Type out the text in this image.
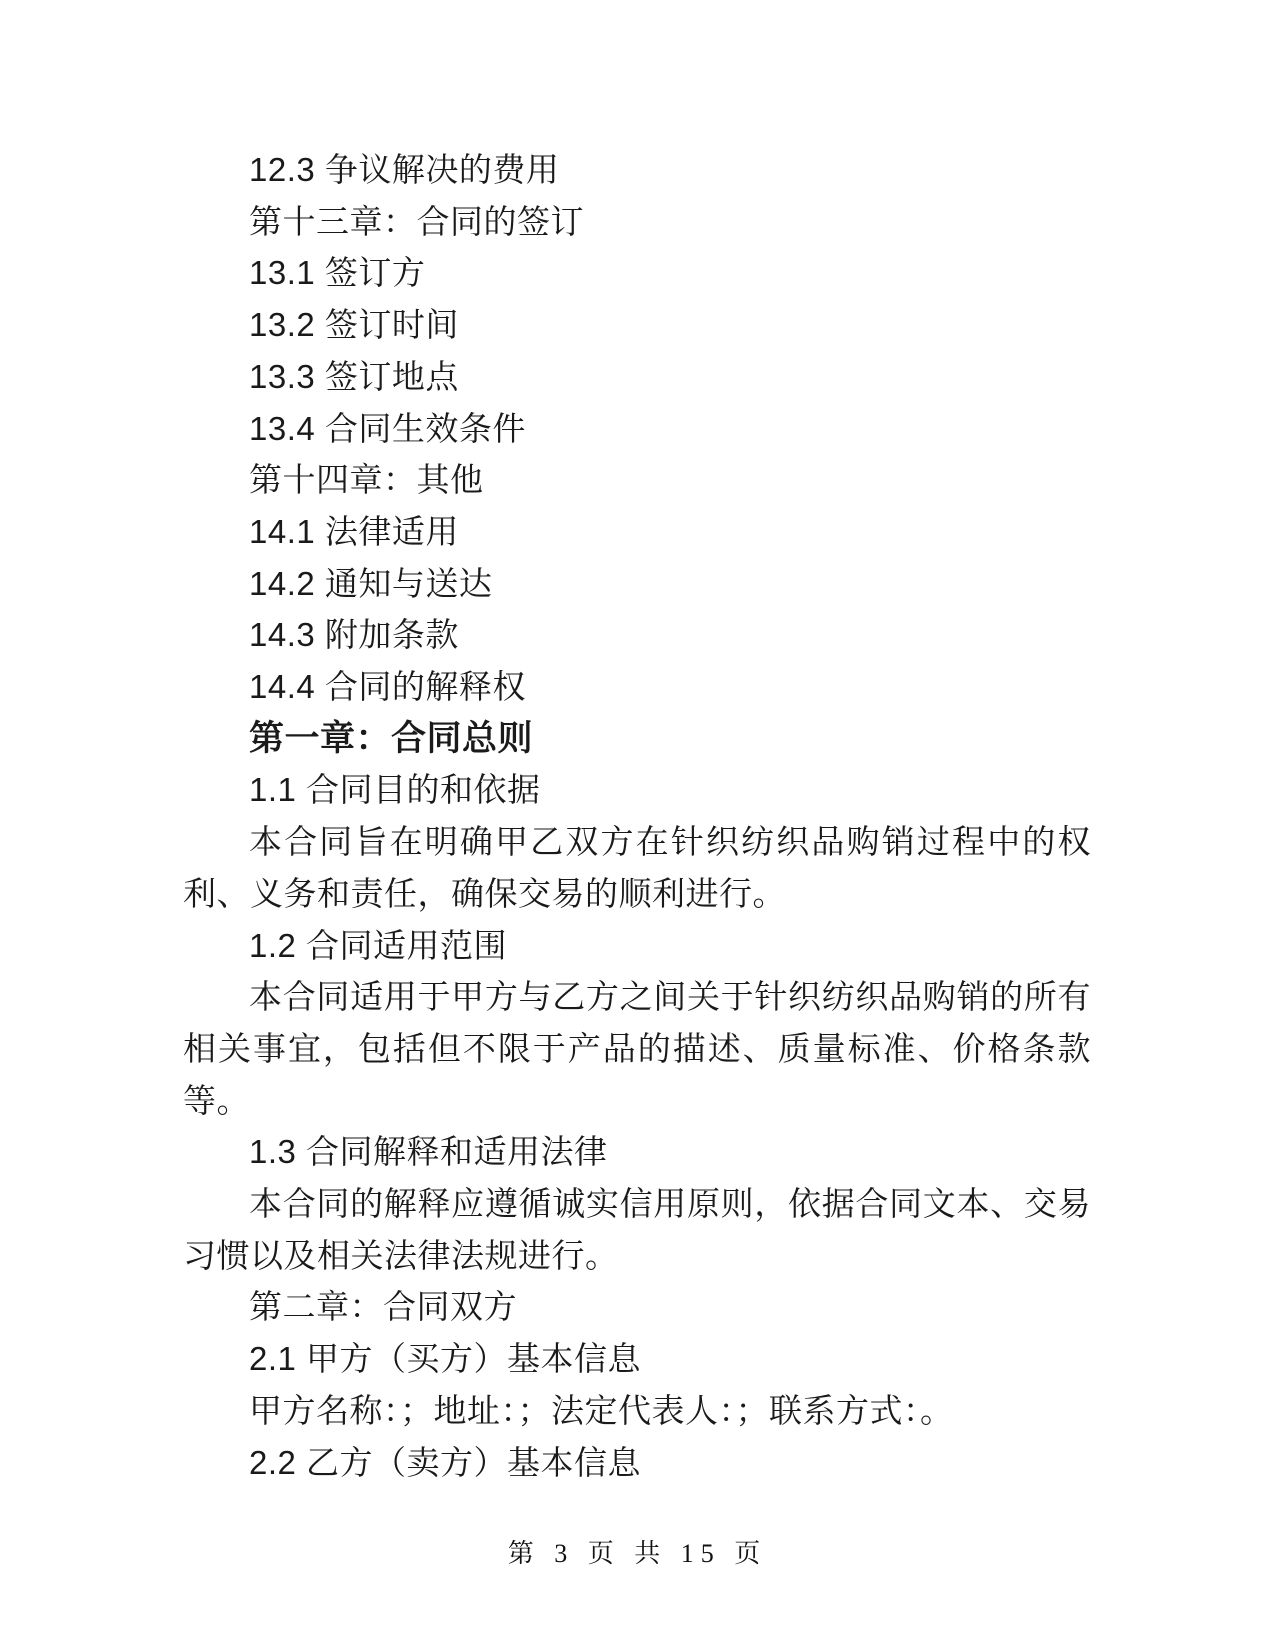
12.3 争议解决的费用

第十三章：合同的签订

13.1 签订方

13.2 签订时间

13.3 签订地点

13.4 合同生效条件

第十四章：其他

14.1 法律适用

14.2 通知与送达

14.3 附加条款

14.4 合同的解释权

第一章：合同总则

1.1 合同目的和依据

本合同旨在明确甲乙双方在针织纺织品购销过程中的权利、义务和责任，确保交易的顺利进行。

1.2 合同适用范围

本合同适用于甲方与乙方之间关于针织纺织品购销的所有相关事宜，包括但不限于产品的描述、质量标准、价格条款等。

1.3 合同解释和适用法律

本合同的解释应遵循诚实信用原则，依据合同文本、交易习惯以及相关法律法规进行。

第二章：合同双方

2.1 甲方（买方）基本信息

甲方名称：；地址：；法定代表人：；联系方式：。

2.2 乙方（卖方）基本信息

第 3 页 共 15 页
